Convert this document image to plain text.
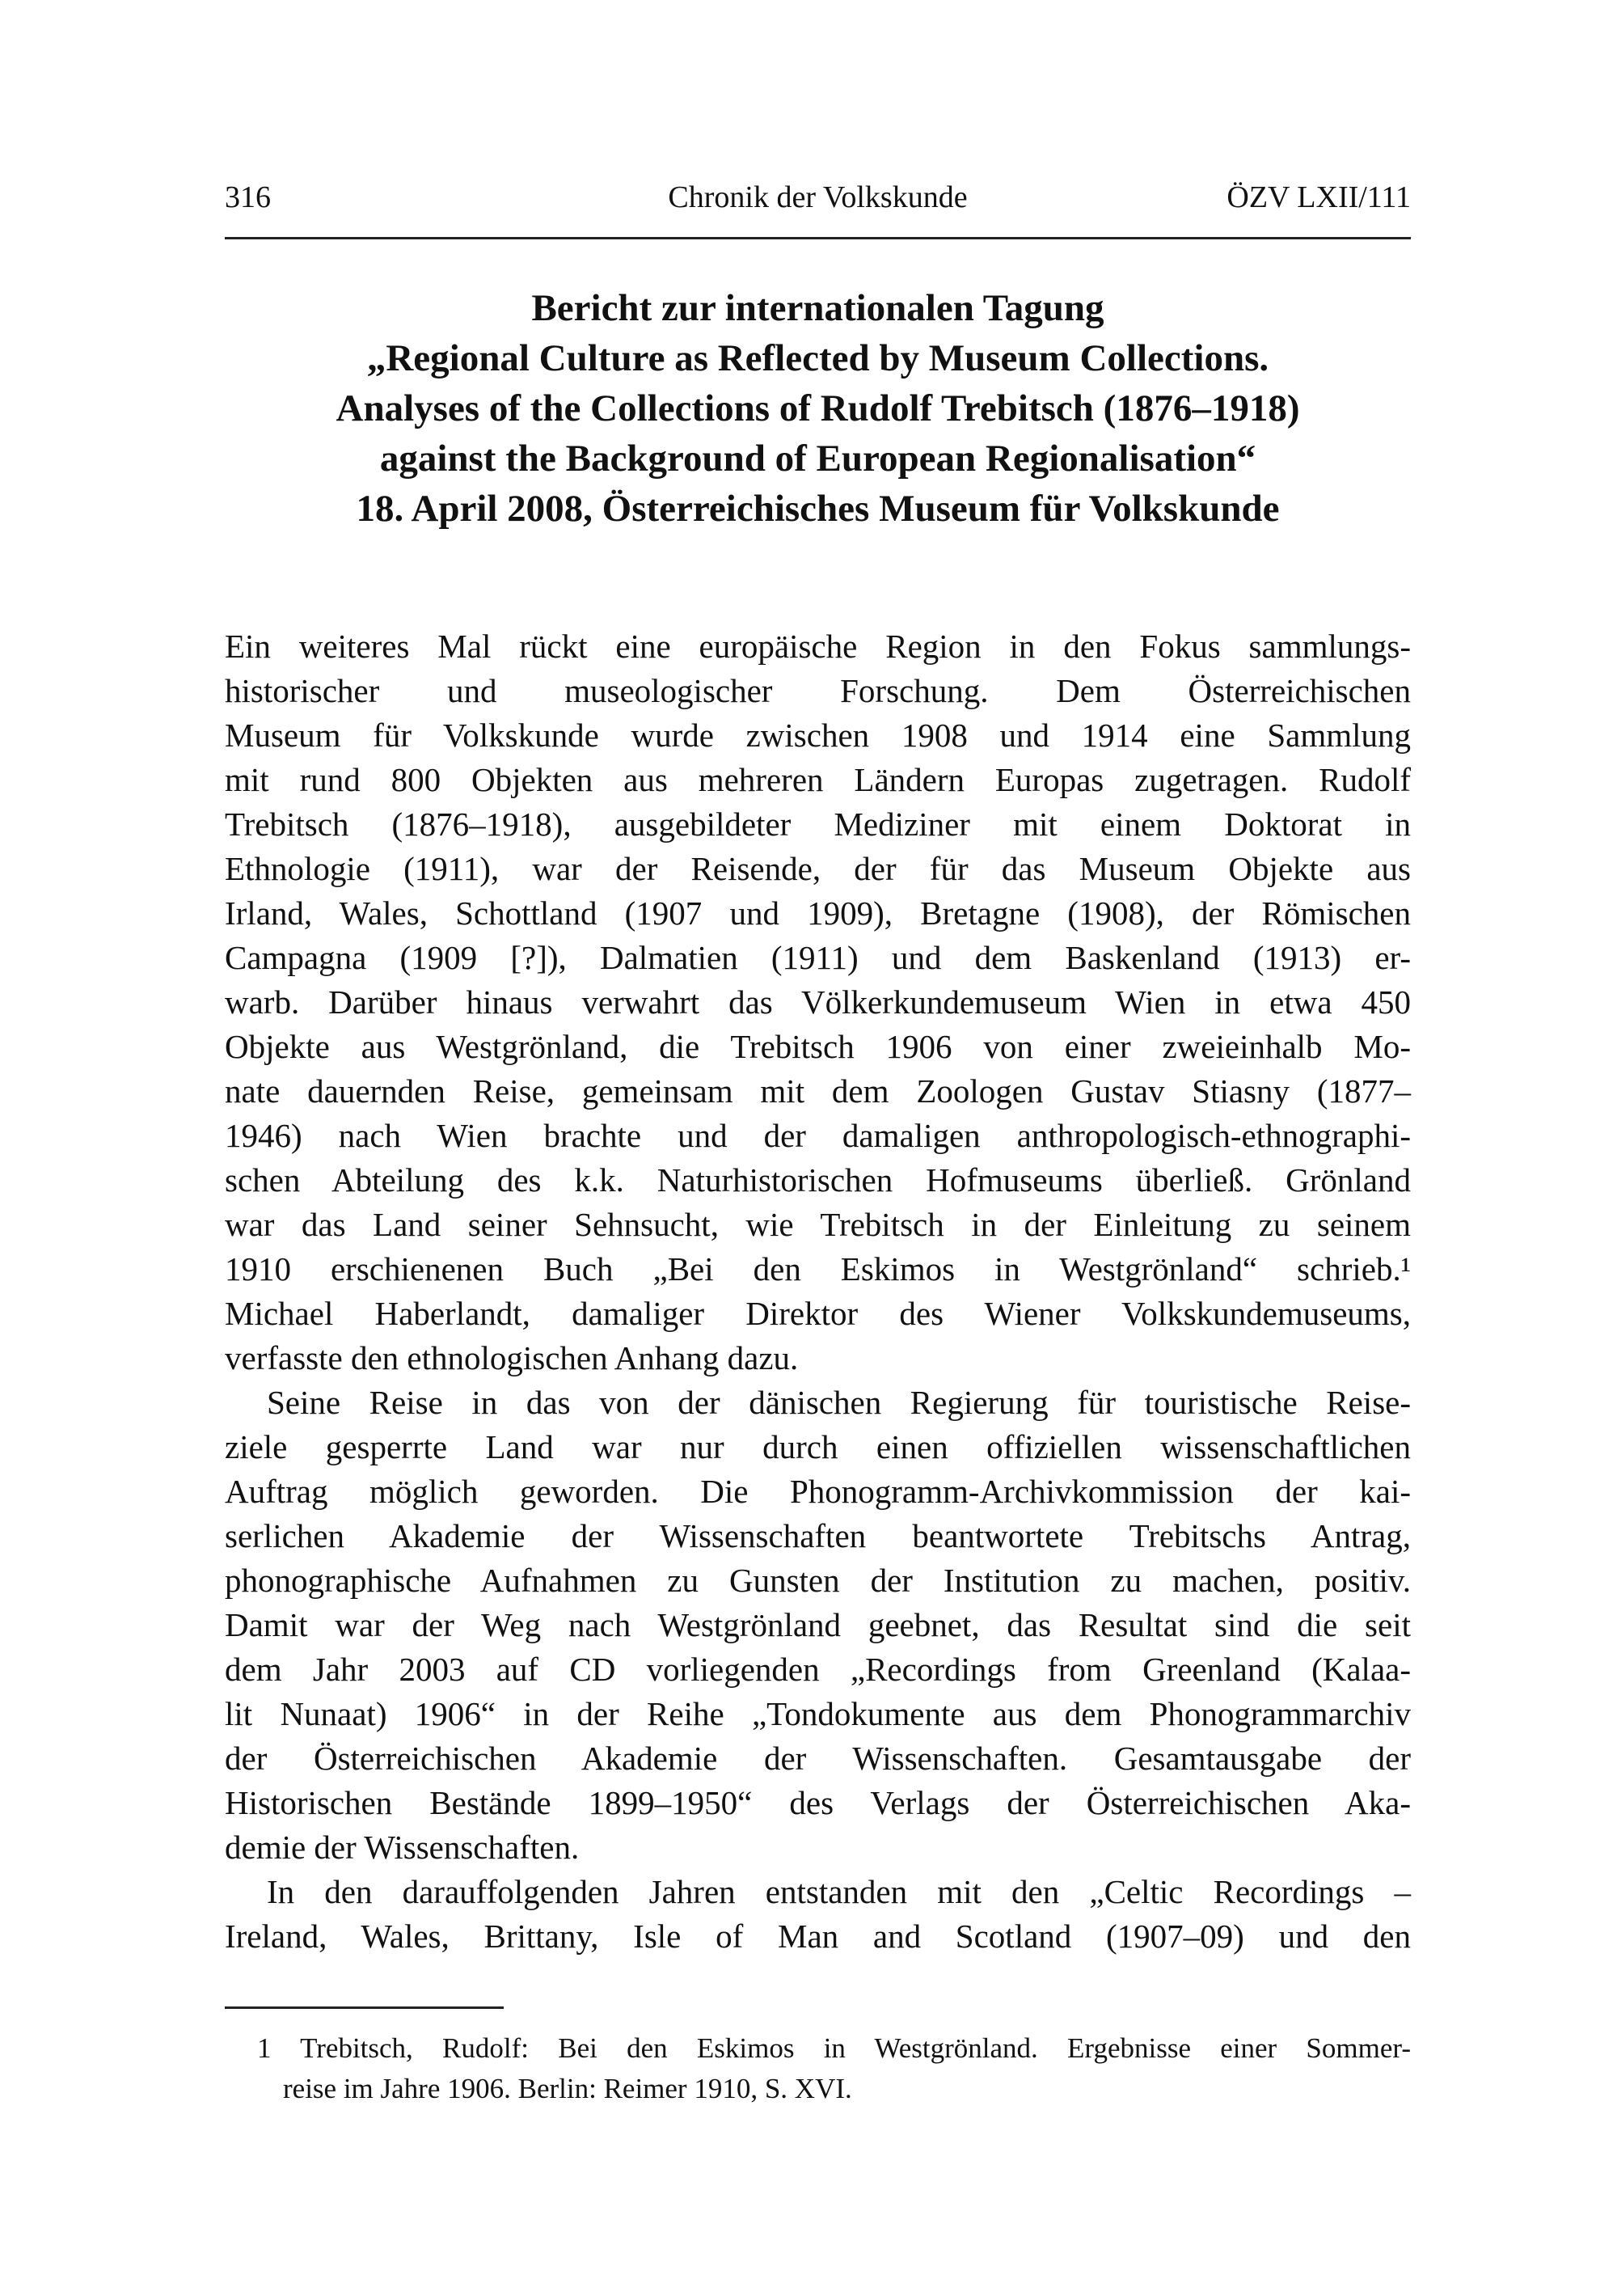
316	Chronik der Volkskunde	ÖZV LXII/111
Bericht zur internationalen Tagung
„Regional Culture as Reflected by Museum Collections.
Analyses of the Collections of Rudolf Trebitsch (1876–1918)
against the Background of European Regionalisation“
18. April 2008, Österreichisches Museum für Volkskunde
Ein weiteres Mal rückt eine europäische Region in den Fokus sammlungs-
historischer und museologischer Forschung. Dem Österreichischen
Museum für Volkskunde wurde zwischen 1908 und 1914 eine Sammlung
mit rund 800 Objekten aus mehreren Ländern Europas zugetragen. Rudolf
Trebitsch (1876–1918), ausgebildeter Mediziner mit einem Doktorat in
Ethnologie (1911), war der Reisende, der für das Museum Objekte aus
Irland, Wales, Schottland (1907 und 1909), Bretagne (1908), der Römischen
Campagna (1909 [?]), Dalmatien (1911) und dem Baskenland (1913) er-
warb. Darüber hinaus verwahrt das Völkerkundemuseum Wien in etwa 450
Objekte aus Westgrönland, die Trebitsch 1906 von einer zweieinhalb Mo-
nate dauernden Reise, gemeinsam mit dem Zoologen Gustav Stiasny (1877–
1946) nach Wien brachte und der damaligen anthropologisch-ethnographi-
schen Abteilung des k.k. Naturhistorischen Hofmuseums überließ. Grönland
war das Land seiner Sehnsucht, wie Trebitsch in der Einleitung zu seinem
1910 erschienenen Buch „Bei den Eskimos in Westgrönland“ schrieb.¹
Michael Haberlandt, damaliger Direktor des Wiener Volkskundemuseums,
verfasste den ethnologischen Anhang dazu.
Seine Reise in das von der dänischen Regierung für touristische Reise-
ziele gesperrte Land war nur durch einen offiziellen wissenschaftlichen
Auftrag möglich geworden. Die Phonogramm-Archivkommission der kai-
serlichen Akademie der Wissenschaften beantwortete Trebitschs Antrag,
phonographische Aufnahmen zu Gunsten der Institution zu machen, positiv.
Damit war der Weg nach Westgrönland geebnet, das Resultat sind die seit
dem Jahr 2003 auf CD vorliegenden „Recordings from Greenland (Kalaa-
lit Nunaat) 1906“ in der Reihe „Tondokumente aus dem Phonogrammarchiv
der Österreichischen Akademie der Wissenschaften. Gesamtausgabe der
Historischen Bestände 1899–1950“ des Verlags der Österreichischen Aka-
demie der Wissenschaften.
In den darauffolgenden Jahren entstanden mit den „Celtic Recordings –
Ireland, Wales, Brittany, Isle of Man and Scotland (1907–09) und den
1 Trebitsch, Rudolf: Bei den Eskimos in Westgrönland. Ergebnisse einer Sommer-
reise im Jahre 1906. Berlin: Reimer 1910, S. XVI.
